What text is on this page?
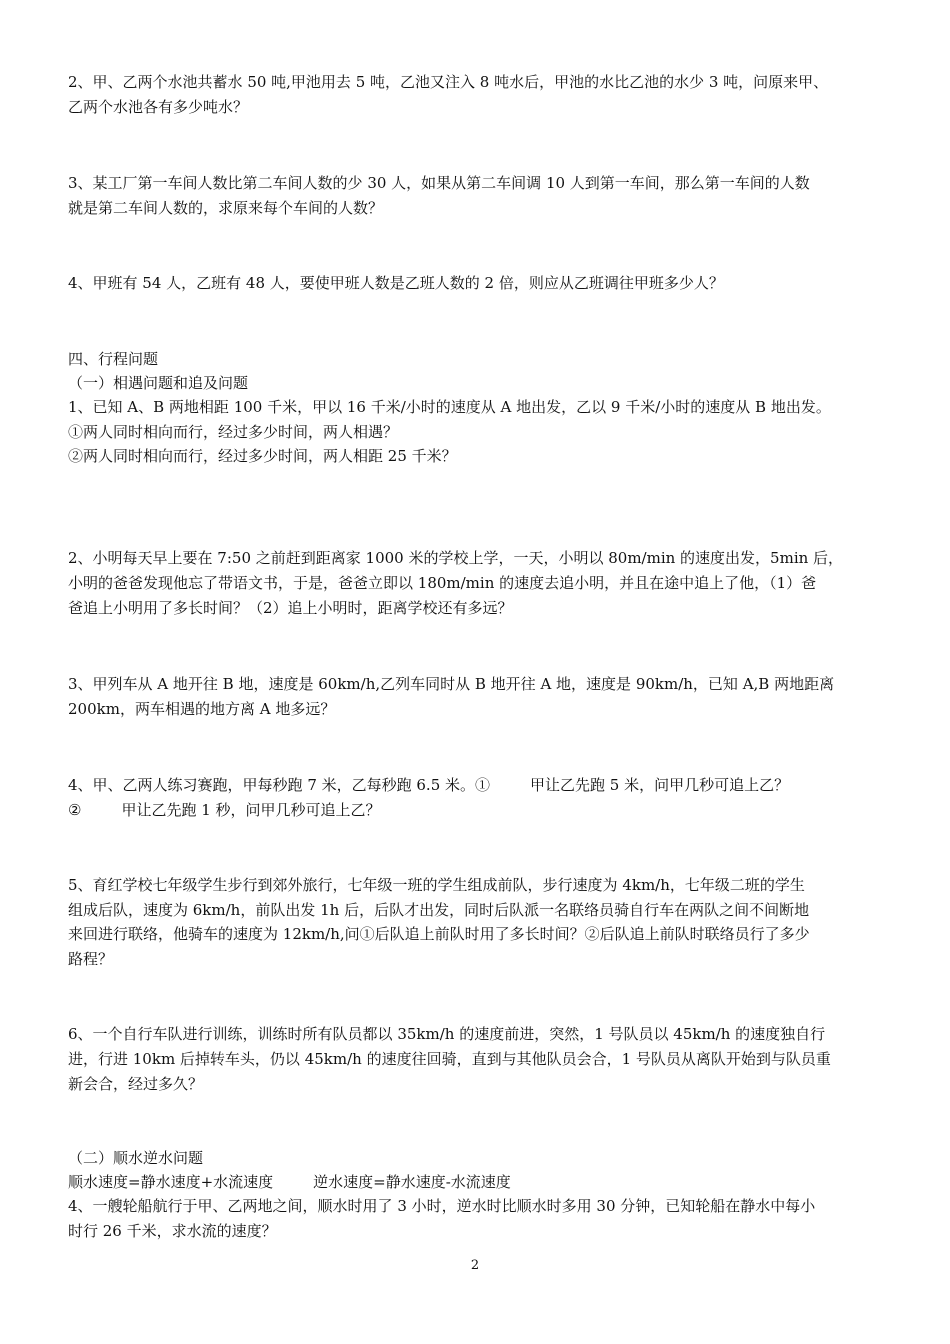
2、甲、乙两个水池共蓄水 50 吨,甲池用去 5 吨，乙池又注入 8 吨水后，甲池的水比乙池的水少 3 吨，问原来甲、
乙两个水池各有多少吨水？
3、某工厂第一车间人数比第二车间人数的少 30 人，如果从第二车间调 10 人到第一车间，那么第一车间的人数
就是第二车间人数的，求原来每个车间的人数？
4、甲班有 54 人，乙班有 48 人，要使甲班人数是乙班人数的 2 倍，则应从乙班调往甲班多少人？
四、行程问题
（一）相遇问题和追及问题
1、已知 A、B 两地相距 100 千米，甲以 16 千米/小时的速度从 A 地出发，乙以 9 千米/小时的速度从 B 地出发。
①两人同时相向而行，经过多少时间，两人相遇？
②两人同时相向而行，经过多少时间，两人相距 25 千米？
2、小明每天早上要在 7:50 之前赶到距离家 1000 米的学校上学，一天，小明以 80m/min 的速度出发，5min 后，
小明的爸爸发现他忘了带语文书，于是，爸爸立即以 180m/min 的速度去追小明，并且在途中追上了他，（1）爸
爸追上小明用了多长时间？（2）追上小明时，距离学校还有多远？
3、甲列车从 A 地开往 B 地，速度是 60km/h,乙列车同时从 B 地开往 A 地，速度是 90km/h，已知 A,B 两地距离
200km，两车相遇的地方离 A 地多远？
4、甲、乙两人练习赛跑，甲每秒跑 7 米，乙每秒跑 6.5 米。①	甲让乙先跑 5 米，问甲几秒可追上乙？
②	甲让乙先跑 1 秒，问甲几秒可追上乙？
5、育红学校七年级学生步行到郊外旅行，七年级一班的学生组成前队，步行速度为 4km/h，七年级二班的学生
组成后队，速度为 6km/h，前队出发 1h 后，后队才出发，同时后队派一名联络员骑自行车在两队之间不间断地
来回进行联络，他骑车的速度为 12km/h,问①后队追上前队时用了多长时间？②后队追上前队时联络员行了多少
路程？
6、一个自行车队进行训练，训练时所有队员都以 35km/h 的速度前进，突然，1 号队员以 45km/h 的速度独自行
进，行进 10km 后掉转车头，仍以 45km/h 的速度往回骑，直到与其他队员会合，1 号队员从离队开始到与队员重
新会合，经过多久？
（二）顺水逆水问题
顺水速度=静水速度+水流速度	逆水速度=静水速度-水流速度
4、一艘轮船航行于甲、乙两地之间，顺水时用了 3 小时，逆水时比顺水时多用 30 分钟，已知轮船在静水中每小
时行 26 千米，求水流的速度？
2
